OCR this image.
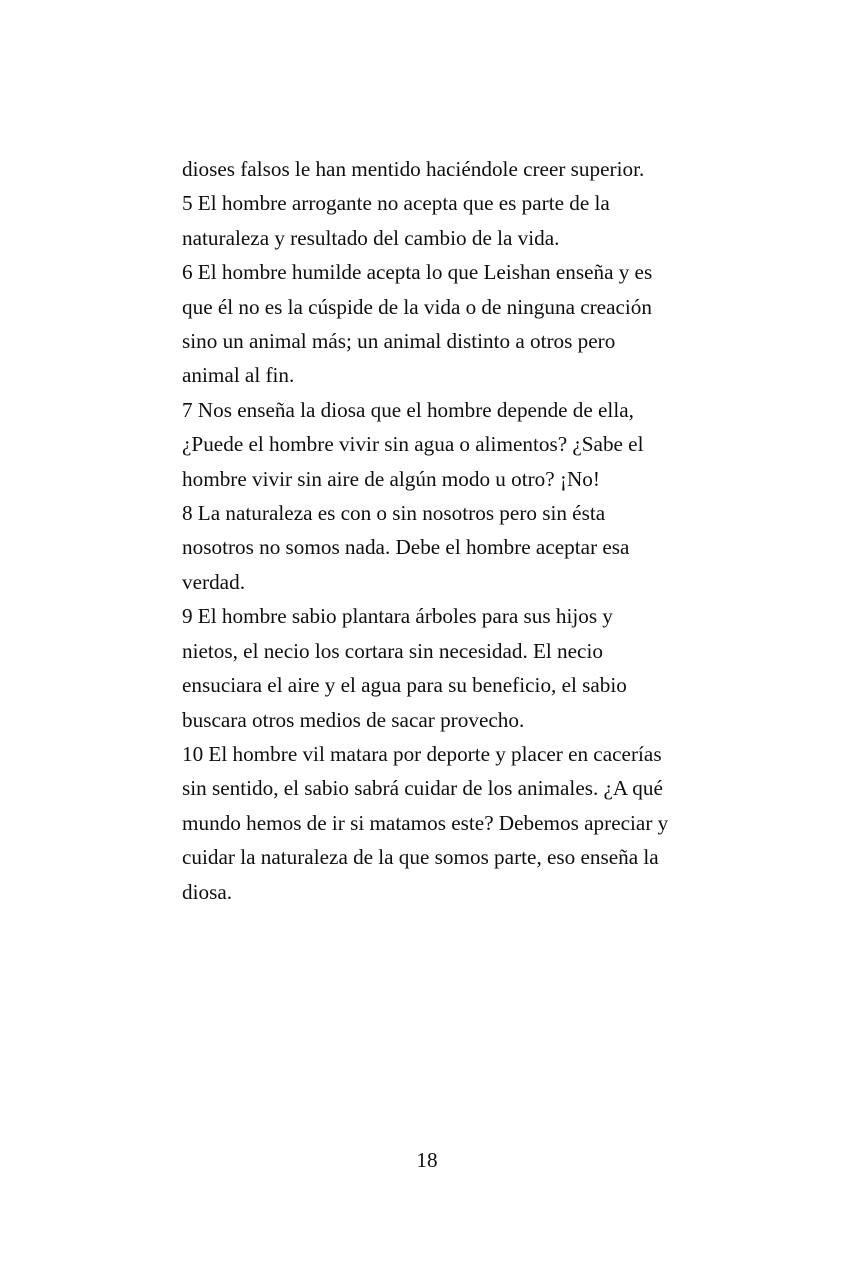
dioses falsos le han mentido haciéndole creer superior.

5 El hombre arrogante no acepta que es parte de la naturaleza y resultado del cambio de la vida.

6 El hombre humilde acepta lo que Leishan enseña y es que él no es la cúspide de la vida o de ninguna creación sino un animal más; un animal distinto a otros pero animal al fin.

7 Nos enseña la diosa que el hombre depende de ella, ¿Puede el hombre vivir sin agua o alimentos? ¿Sabe el hombre vivir sin aire de algún modo u otro? ¡No!

8 La naturaleza es con o sin nosotros pero sin ésta nosotros no somos nada. Debe el hombre aceptar esa verdad.

9 El hombre sabio plantara árboles para sus hijos y nietos, el necio los cortara sin necesidad. El necio ensuciara el aire y el agua para su beneficio, el sabio buscara otros medios de sacar provecho.

10 El hombre vil matara por deporte y placer en cacerías sin sentido, el sabio sabrá cuidar de los animales. ¿A qué mundo hemos de ir si matamos este? Debemos apreciar y cuidar la naturaleza de la que somos parte, eso enseña la diosa.

18
